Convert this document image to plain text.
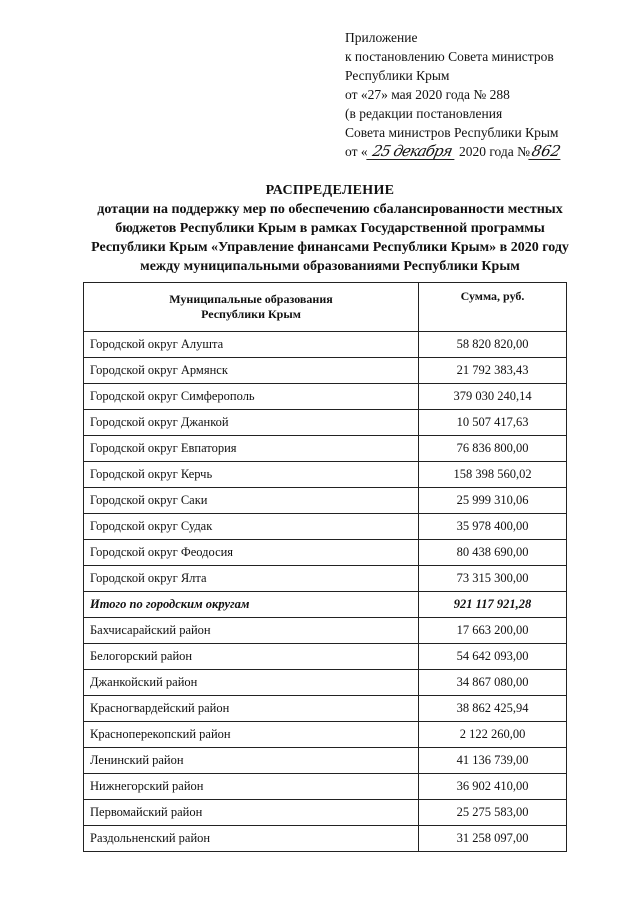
Приложение
к постановлению Совета министров
Республики Крым
от «27» мая 2020 года № 288
(в редакции постановления
Совета министров Республики Крым
от « 25 декабря 2020 года №862
РАСПРЕДЕЛЕНИЕ
дотации на поддержку мер по обеспечению сбалансированности местных
бюджетов Республики Крым в рамках Государственной программы
Республики Крым «Управление финансами Республики Крым» в 2020 году
между муниципальными образованиями Республики Крым
Муниципальные образования
Республики Крым	Сумма, руб.
Городской округ Алушта	58 820 820,00
Городской округ Армянск	21 792 383,43
Городской округ Симферополь	379 030 240,14
Городской округ Джанкой	10 507 417,63
Городской округ Евпатория	76 836 800,00
Городской округ Керчь	158 398 560,02
Городской округ Саки	25 999 310,06
Городской округ Судак	35 978 400,00
Городской округ Феодосия	80 438 690,00
Городской округ Ялта	73 315 300,00
Итого по городским округам	921 117 921,28
Бахчисарайский район	17 663 200,00
Белогорский район	54 642 093,00
Джанкойский район	34 867 080,00
Красногвардейский район	38 862 425,94
Красноперекопский район	2 122 260,00
Ленинский район	41 136 739,00
Нижнегорский район	36 902 410,00
Первомайский район	25 275 583,00
Раздольненский район	31 258 097,00
